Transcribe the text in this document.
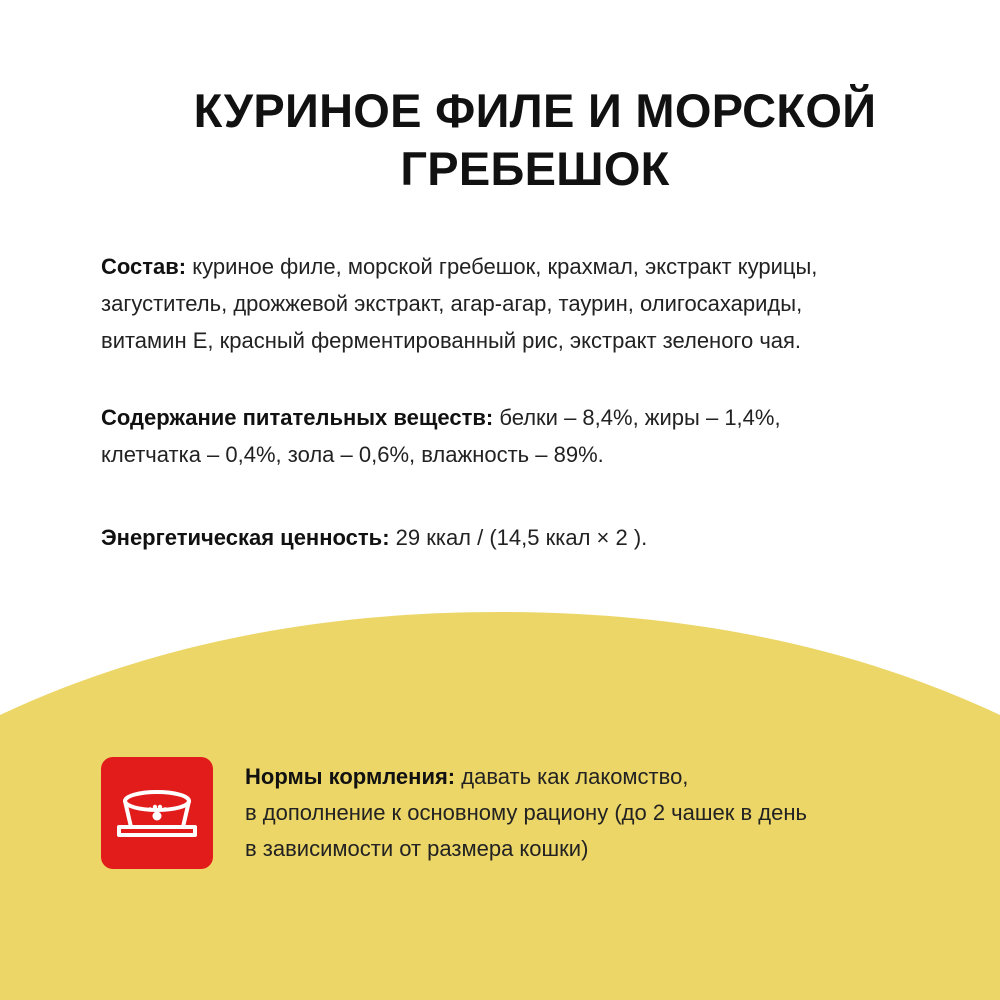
КУРИНОЕ ФИЛЕ И МОРСКОЙ
ГРЕБЕШОК
Состав: куриное филе, морской гребешок, крахмал, экстракт курицы,
загуститель, дрожжевой экстракт, агар-агар, таурин, олигосахариды,
витамин Е, красный ферментированный рис, экстракт зеленого чая.
Содержание питательных веществ: белки – 8,4%, жиры – 1,4%,
клетчатка – 0,4%, зола – 0,6%, влажность – 89%.
Энергетическая ценность: 29 ккал / (14,5 ккал × 2 ).
Нормы кормления: давать как лакомство,
в дополнение к основному рациону (до 2 чашек в день
в зависимости от размера кошки)
